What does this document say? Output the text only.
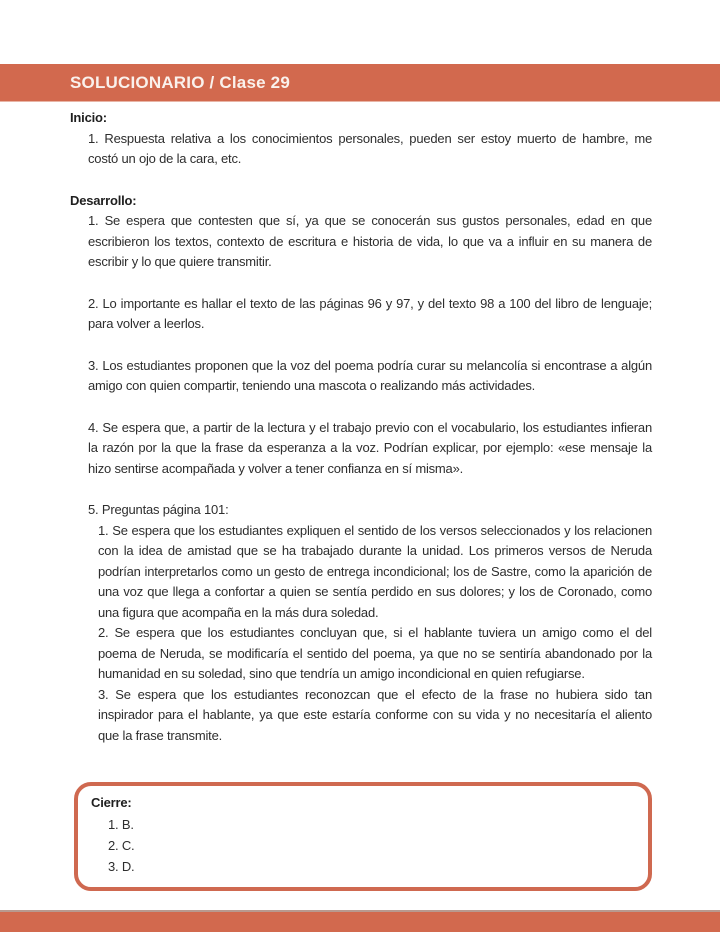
SOLUCIONARIO / Clase 29

Inicio:

1. Respuesta relativa a los conocimientos personales, pueden ser estoy muerto de hambre, me costó un ojo de la cara, etc.

Desarrollo:

1. Se espera que contesten que sí, ya que se conocerán sus gustos personales, edad en que escribieron los textos, contexto de escritura e historia de vida, lo que va a influir en su manera de escribir y lo que quiere transmitir.

2. Lo importante es hallar el texto de las páginas 96 y 97, y del texto 98 a 100 del libro de lenguaje; para volver a leerlos.

3. Los estudiantes proponen que la voz del poema podría curar su melancolía si encontrase a algún amigo con quien compartir, teniendo una mascota o realizando más actividades.

4. Se espera que, a partir de la lectura y el trabajo previo con el vocabulario, los estudiantes infieran la razón por la que la frase da esperanza a la voz. Podrían explicar, por ejemplo: «ese mensaje la hizo sentirse acompañada y volver a tener confianza en sí misma».

5. Preguntas página 101:

1. Se espera que los estudiantes expliquen el sentido de los versos seleccionados y los relacionen con la idea de amistad que se ha trabajado durante la unidad. Los primeros versos de Neruda podrían interpretarlos como un gesto de entrega incondicional; los de Sastre, como la aparición de una voz que llega a confortar a quien se sentía perdido en sus dolores; y los de Coronado, como una figura que acompaña en la más dura soledad.

2. Se espera que los estudiantes concluyan que, si el hablante tuviera un amigo como el del poema de Neruda, se modificaría el sentido del poema, ya que no se sentiría abandonado por la humanidad en su soledad, sino que tendría un amigo incondicional en quien refugiarse.

3. Se espera que los estudiantes reconozcan que el efecto de la frase no hubiera sido tan inspirador para el hablante, ya que este estaría conforme con su vida y no necesitaría el aliento que la frase transmite.

Cierre:

1. B.

2. C.

3. D.
